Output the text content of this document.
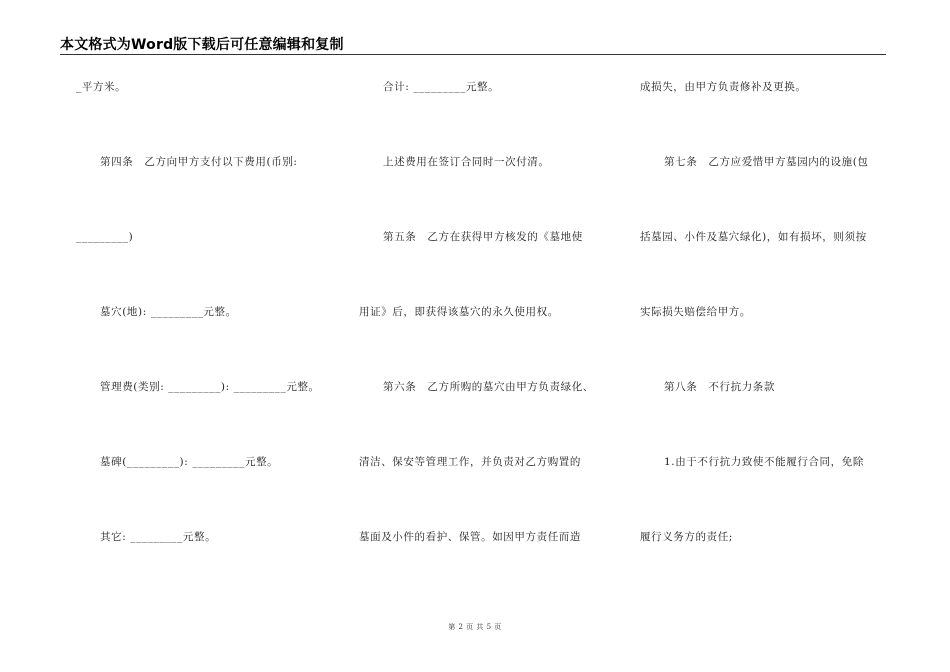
本文格式为Word版下载后可任意编辑和复制
_平方米。
第四条　乙方向甲方支付以下费用(币别:
_________)
墓穴(地): _________元整。
管理费(类别: _________): _________元整。
墓碑(_________): _________元整。
其它: _________元整。
合计: _________元整。
上述费用在签订合同时一次付清。
第五条　乙方在获得甲方核发的《墓地使
用证》后，即获得该墓穴的永久使用权。
第六条　乙方所购的墓穴由甲方负责绿化、
清洁、保安等管理工作，并负责对乙方购置的
墓面及小件的看护、保管。如因甲方责任而造
成损失，由甲方负责修补及更换。
第七条　乙方应爱惜甲方墓园内的设施(包
括墓园、小件及墓穴绿化)，如有损坏，则须按
实际损失赔偿给甲方。
第八条　不行抗力条款
1.由于不行抗力致使不能履行合同，免除
履行义务方的责任;
第 2 页 共 5 页
